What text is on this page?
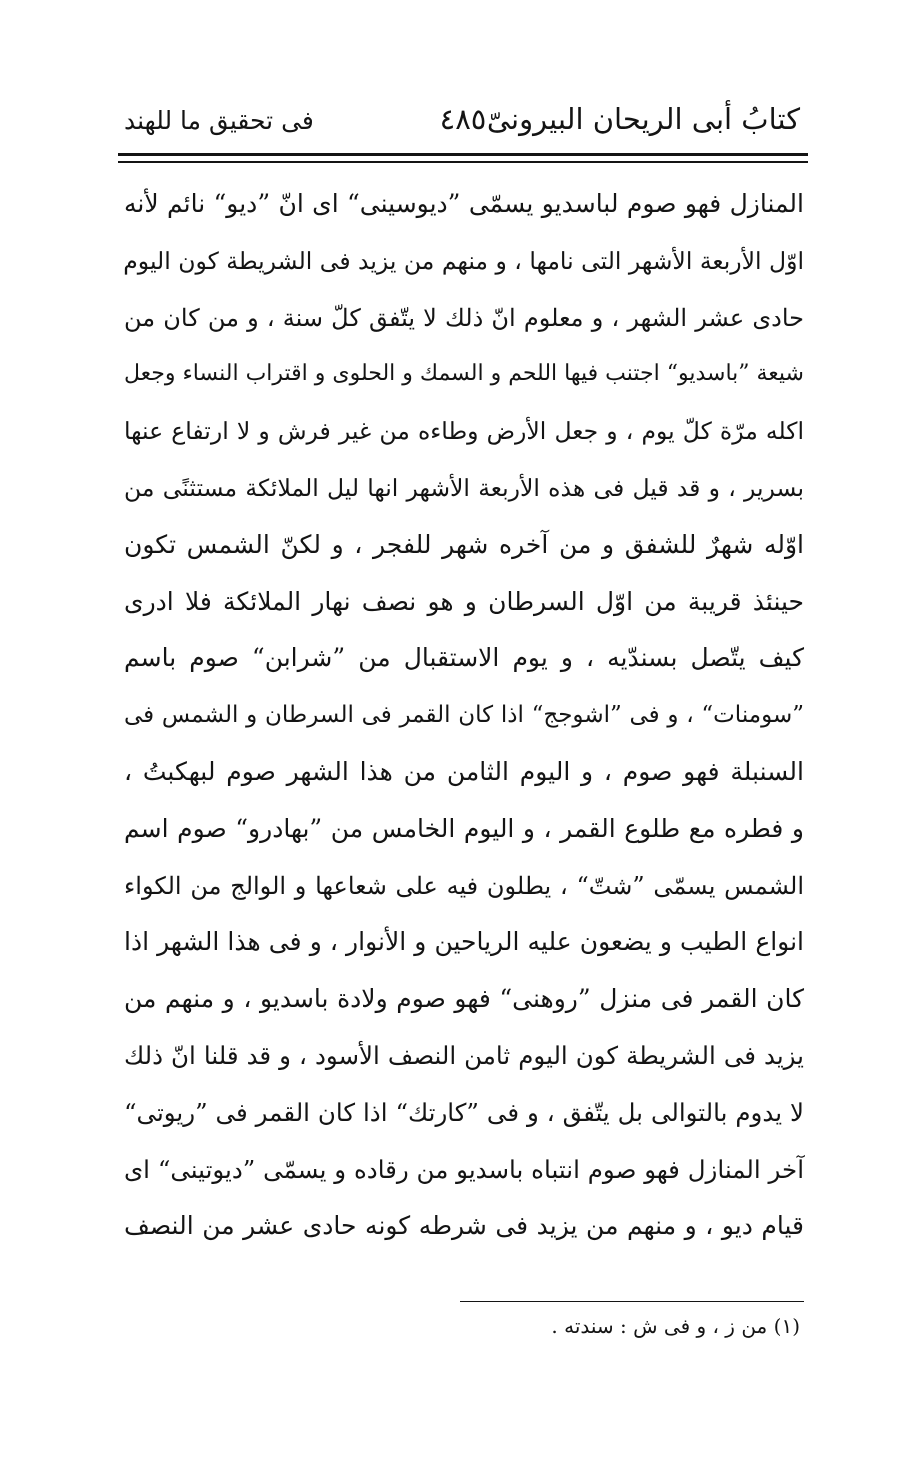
كتابُ أبى الريحان البيرونىّ
٤٨٥
فى تحقيق ما للهند
المنازل فهو صوم لباسديو يسمّى ”ديوسينى“ اى انّ ”ديو“ نائم لأنه
اوّل الأربعة الأشهر التى نامها ، و منهم من يزيد فى الشريطة كون اليوم
حادى عشر الشهر ، و معلوم انّ ذلك لا يتّفق كلّ سنة ، و من كان من
شيعة ”باسديو“ اجتنب فيها اللحم و السمك و الحلوى و اقتراب النساء وجعل
اكله مرّة كلّ يوم ، و جعل الأرض وطاءه من غير فرش و لا ارتفاع عنها
بسرير ، و قد قيل فى هذه الأربعة الأشهر انها ليل الملائكة مستثنًى من
اوّله شهرٌ للشفق و من آخره شهر للفجر ، و لكنّ الشمس تكون
حينئذ قريبة من اوّل السرطان و هو نصف نهار الملائكة فلا ادرى
كيف يتّصل بسندّيه ، و يوم الاستقبال من ”شرابن“ صوم باسم
”سومنات“ ، و فى ”اشوجج“ اذا كان القمر فى السرطان و الشمس فى
السنبلة فهو صوم ، و اليوم الثامن من هذا الشهر صوم لبهكبتُ ،
و فطره مع طلوع القمر ، و اليوم الخامس من ”بهادرو“ صوم اسم
الشمس يسمّى ”شتّ“ ، يطلون فيه على شعاعها و الوالج من الكواء
انواع الطيب و يضعون عليه الرياحين و الأنوار ، و فى هذا الشهر اذا
كان القمر فى منزل ”روهنى“ فهو صوم ولادة باسديو ، و منهم من
يزيد فى الشريطة كون اليوم ثامن النصف الأسود ، و قد قلنا انّ ذلك
لا يدوم بالتوالى بل يتّفق ، و فى ”كارتك“ اذا كان القمر فى ”ريوتى“
آخر المنازل فهو صوم انتباه باسديو من رقاده و يسمّى ”ديوتينى“ اى
قيام ديو ، و منهم من يزيد فى شرطه كونه حادى عشر من النصف
(١) من ز ، و فى ش : سندته .
